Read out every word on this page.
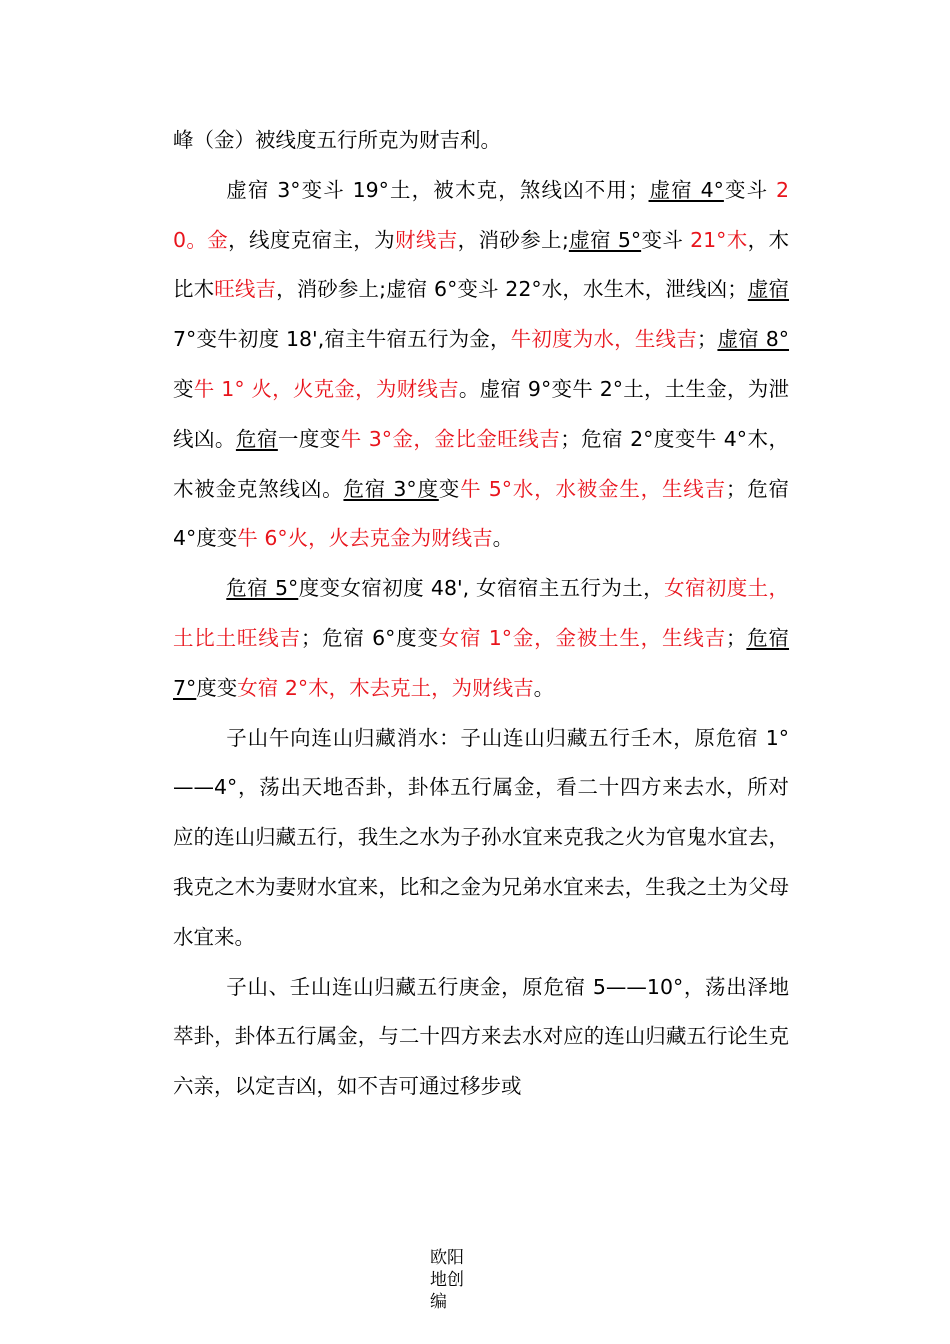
峰（金）被线度五行所克为财吉利。

虚宿 3°变斗 19°土，被木克，煞线凶不用；虚宿 4°变斗 20。金，线度克宿主，为财线吉，消砂参上;虚宿 5°变斗 21°木，木比木旺线吉，消砂参上;虚宿 6°变斗 22°水，水生木，泄线凶；虚宿 7°变牛初度 18',宿主牛宿五行为金，牛初度为水，生线吉；虚宿 8°变牛 1° 火，火克金，为财线吉。虚宿 9°变牛 2°土，土生金，为泄线凶。危宿一度变牛 3°金，金比金旺线吉；危宿 2°度变牛 4°木，木被金克煞线凶。危宿 3°度变牛 5°水，水被金生，生线吉；危宿 4°度变牛 6°火，火去克金为财线吉。

危宿 5°度变女宿初度 48', 女宿宿主五行为土，女宿初度土，土比土旺线吉；危宿 6°度变女宿 1°金，金被土生，生线吉；危宿 7°度变女宿 2°木，木去克土，为财线吉。

子山午向连山归藏消水：子山连山归藏五行壬木，原危宿 1°——4°，荡出天地否卦，卦体五行属金，看二十四方来去水，所对应的连山归藏五行，我生之水为子孙水宜来克我之火为官鬼水宜去，我克之木为妻财水宜来，比和之金为兄弟水宜来去，生我之土为父母水宜来。

子山、壬山连山归藏五行庚金，原危宿 5——10°，荡出泽地萃卦，卦体五行属金，与二十四方来去水对应的连山归藏五行论生克六亲，以定吉凶，如不吉可通过移步或

欧阳地创编
